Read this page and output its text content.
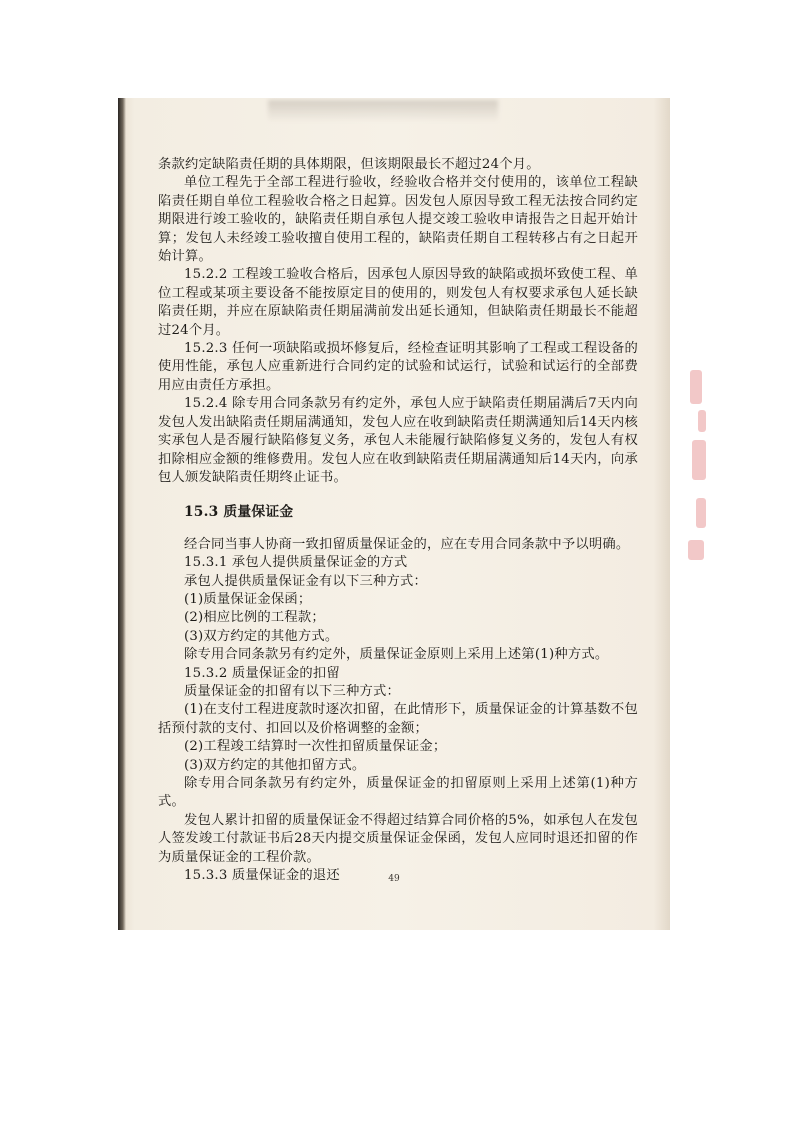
条款约定缺陷责任期的具体期限，但该期限最长不超过24个月。

单位工程先于全部工程进行验收，经验收合格并交付使用的，该单位工程缺陷责任期自单位工程验收合格之日起算。因发包人原因导致工程无法按合同约定期限进行竣工验收的，缺陷责任期自承包人提交竣工验收申请报告之日起开始计算；发包人未经竣工验收擅自使用工程的，缺陷责任期自工程转移占有之日起开始计算。

15.2.2 工程竣工验收合格后，因承包人原因导致的缺陷或损坏致使工程、单位工程或某项主要设备不能按原定目的使用的，则发包人有权要求承包人延长缺陷责任期，并应在原缺陷责任期届满前发出延长通知，但缺陷责任期最长不能超过24个月。

15.2.3 任何一项缺陷或损坏修复后，经检查证明其影响了工程或工程设备的使用性能，承包人应重新进行合同约定的试验和试运行，试验和试运行的全部费用应由责任方承担。

15.2.4 除专用合同条款另有约定外，承包人应于缺陷责任期届满后7天内向发包人发出缺陷责任期届满通知，发包人应在收到缺陷责任期满通知后14天内核实承包人是否履行缺陷修复义务，承包人未能履行缺陷修复义务的，发包人有权扣除相应金额的维修费用。发包人应在收到缺陷责任期届满通知后14天内，向承包人颁发缺陷责任期终止证书。

15.3 质量保证金

经合同当事人协商一致扣留质量保证金的，应在专用合同条款中予以明确。

15.3.1 承包人提供质量保证金的方式

承包人提供质量保证金有以下三种方式：

(1)质量保证金保函；

(2)相应比例的工程款；

(3)双方约定的其他方式。

除专用合同条款另有约定外，质量保证金原则上采用上述第(1)种方式。

15.3.2 质量保证金的扣留

质量保证金的扣留有以下三种方式：

(1)在支付工程进度款时逐次扣留，在此情形下，质量保证金的计算基数不包括预付款的支付、扣回以及价格调整的金额；

(2)工程竣工结算时一次性扣留质量保证金；

(3)双方约定的其他扣留方式。

除专用合同条款另有约定外，质量保证金的扣留原则上采用上述第(1)种方式。

发包人累计扣留的质量保证金不得超过结算合同价格的5%，如承包人在发包人签发竣工付款证书后28天内提交质量保证金保函，发包人应同时退还扣留的作为质量保证金的工程价款。

15.3.3 质量保证金的退还	49
